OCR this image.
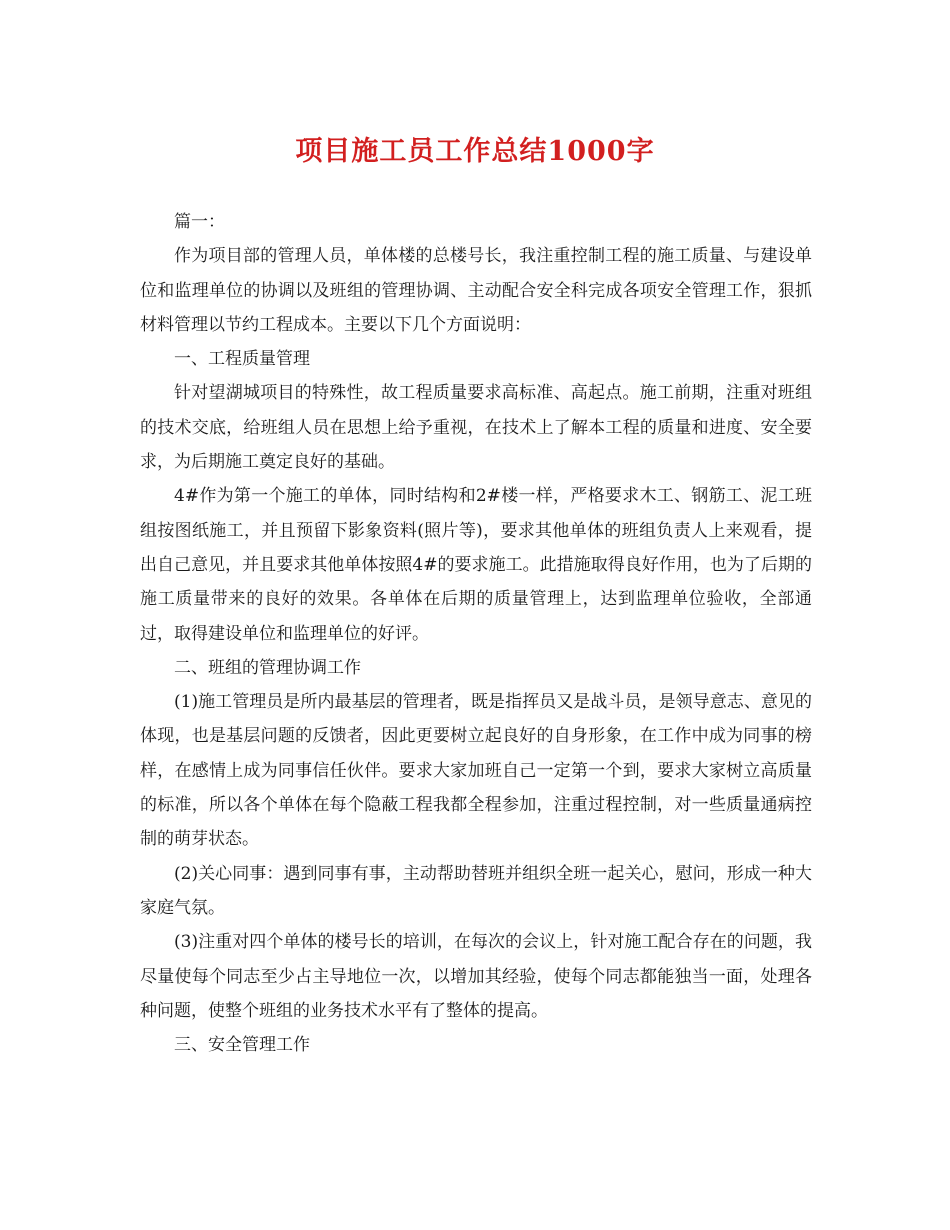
项目施工员工作总结1000字

篇一：

作为项目部的管理人员，单体楼的总楼号长，我注重控制工程的施工质量、与建设单位和监理单位的协调以及班组的管理协调、主动配合安全科完成各项安全管理工作，狠抓材料管理以节约工程成本。主要以下几个方面说明：

一、工程质量管理

针对望湖城项目的特殊性，故工程质量要求高标准、高起点。施工前期，注重对班组的技术交底，给班组人员在思想上给予重视，在技术上了解本工程的质量和进度、安全要求，为后期施工奠定良好的基础。

4#作为第一个施工的单体，同时结构和2#楼一样，严格要求木工、钢筋工、泥工班组按图纸施工，并且预留下影象资料(照片等)，要求其他单体的班组负责人上来观看，提出自己意见，并且要求其他单体按照4#的要求施工。此措施取得良好作用，也为了后期的施工质量带来的良好的效果。各单体在后期的质量管理上，达到监理单位验收，全部通过，取得建设单位和监理单位的好评。

二、班组的管理协调工作

(1)施工管理员是所内最基层的管理者，既是指挥员又是战斗员，是领导意志、意见的体现，也是基层问题的反馈者，因此更要树立起良好的自身形象，在工作中成为同事的榜样，在感情上成为同事信任伙伴。要求大家加班自己一定第一个到，要求大家树立高质量的标准，所以各个单体在每个隐蔽工程我都全程参加，注重过程控制，对一些质量通病控制的萌芽状态。

(2)关心同事：遇到同事有事，主动帮助替班并组织全班一起关心，慰问，形成一种大家庭气氛。

(3)注重对四个单体的楼号长的培训，在每次的会议上，针对施工配合存在的问题，我尽量使每个同志至少占主导地位一次，以增加其经验，使每个同志都能独当一面，处理各种问题，使整个班组的业务技术水平有了整体的提高。

三、安全管理工作
